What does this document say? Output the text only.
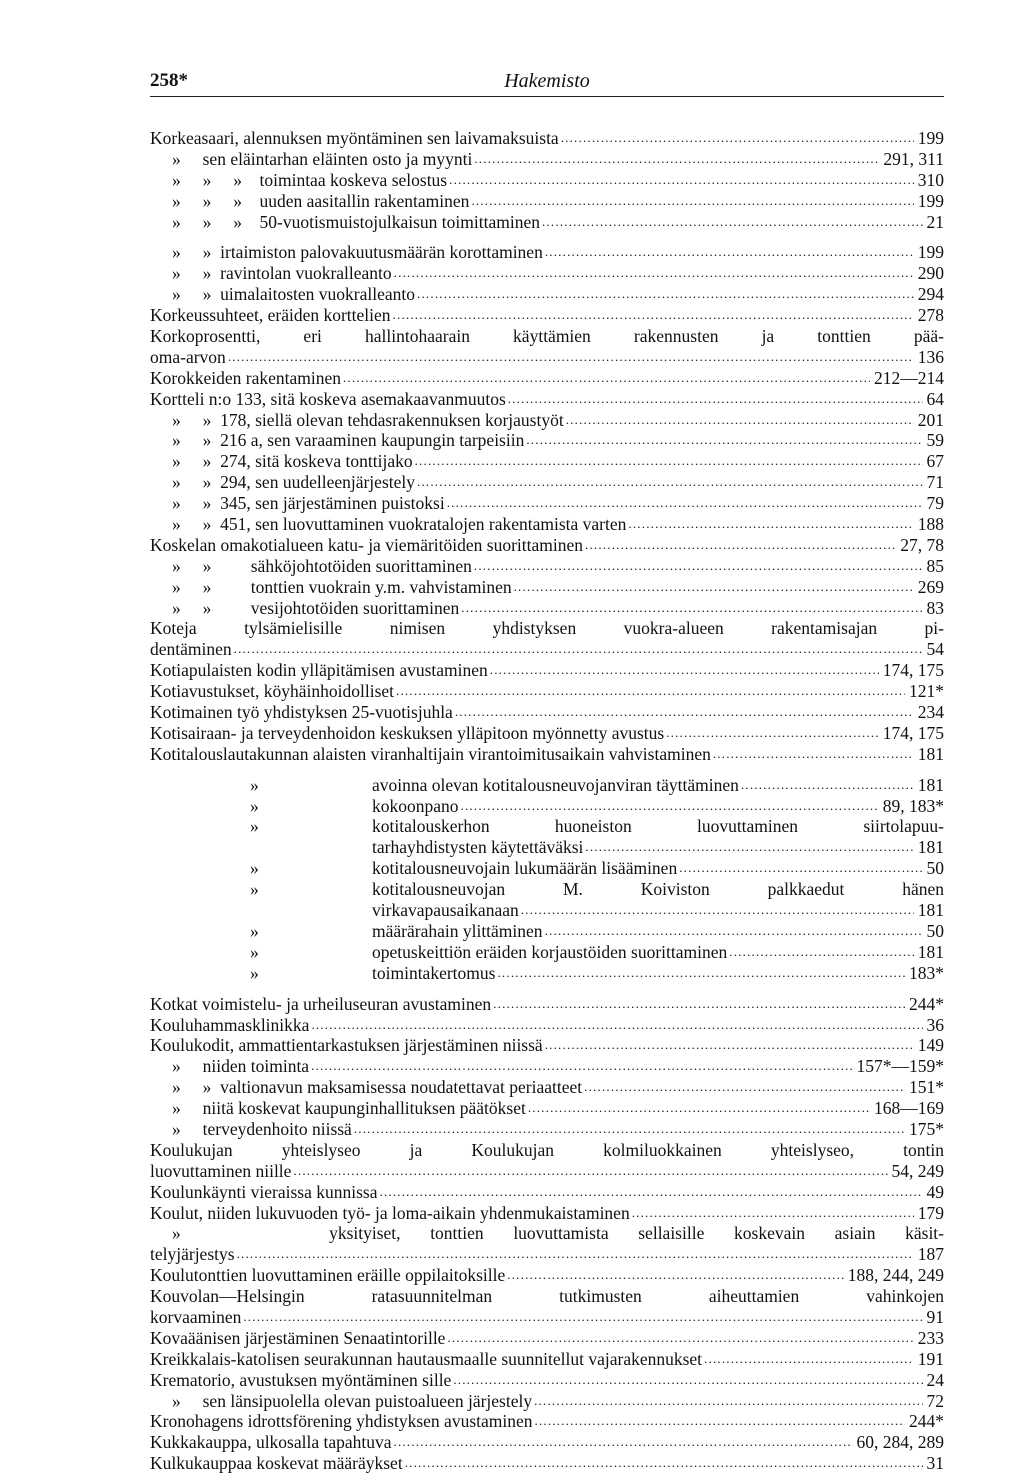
258*	Hakemisto
Korkeasaari, alennuksen myöntäminen sen laivamaksuista .....	199
»     sen eläintarhan eläinten osto ja myynti .....	291, 311
»     »     »    toimintaa koskeva selostus .....	310
»     »     »    uuden aasitallin rakentaminen .....	199
»     »     »    50-vuotismuistojulkaisun toimittaminen .....	21
»     »  irtaimiston palovakuutusmäärän korottaminen .....	199
»     »  ravintolan vuokralleanto .....	290
»     »  uimalaitosten vuokralleanto .....	294
Korkeussuhteet, eräiden korttelien .....	278
Korkoprosentti, eri hallintohaarain käyttämien rakennusten ja tonttien pää-
oma-arvon .....	136
Korokkeiden rakentaminen .....	212—214
Kortteli n:o 133, sitä koskeva asemakaavanmuutos .....	64
»     »  178, siellä olevan tehdasrakennuksen korjaustyöt .....	201
»     »  216 a, sen varaaminen kaupungin tarpeisiin .....	59
»     »  274, sitä koskeva tonttijako .....	67
»     »  294, sen uudelleenjärjestely .....	71
»     »  345, sen järjestäminen puistoksi .....	79
»     »  451, sen luovuttaminen vuokratalojen rakentamista varten .....	188
Koskelan omakotialueen katu- ja viemäritöiden suorittaminen .....	27, 78
»     »         sähköjohtotöiden suorittaminen .....	85
»     »         tonttien vuokrain y.m. vahvistaminen .....	269
»     »         vesijohtotöiden suorittaminen .....	83
Koteja tylsämielisille nimisen yhdistyksen vuokra-alueen rakentamisajan pi-
dentäminen .....	54
Kotiapulaisten kodin ylläpitämisen avustaminen .....	174, 175
Kotiavustukset, köyhäinhoidolliset .....	121*
Kotimainen työ yhdistyksen 25-vuotisjuhla .....	234
Kotisairaan- ja terveydenhoidon keskuksen ylläpitoon myönnetty avustus .....	174, 175
Kotitalouslautakunnan alaisten viranhaltijain virantoimitusaikain vahvistaminen .....	181
»	avoinna olevan kotitalousneuvojanviran täyttäminen .....	181
»	kokoonpano .....	89, 183*
»	kotitalouskerhon huoneiston luovuttaminen siirtolapuu-
tarhayhdistysten käytettäväksi .....	181
»	kotitalousneuvojain lukumäärän lisääminen .....	50
»	kotitalousneuvojan M. Koiviston palkkaedut hänen
virkavapausaikanaan .....	181
»	määrärahain ylittäminen .....	50
»	opetuskeittiön eräiden korjaustöiden suorittaminen .....	181
»	toimintakertomus .....	183*
Kotkat voimistelu- ja urheiluseuran avustaminen .....	244*
Kouluhammasklinikka .....	36
Koulukodit, ammattientarkastuksen järjestäminen niissä .....	149
»     niiden toiminta .....	157*—159*
»     »  valtionavun maksamisessa noudatettavat periaatteet .....	151*
»     niitä koskevat kaupunginhallituksen päätökset .....	168—169
»     terveydenhoito niissä .....	175*
Koulukujan yhteislyseo ja Koulukujan kolmiluokkainen yhteislyseo, tontin
luovuttaminen niille .....	54, 249
Koulunkäynti vieraissa kunnissa .....	49
Koulut, niiden lukuvuoden työ- ja loma-aikain yhdenmukaistaminen .....	179
»     yksityiset, tonttien luovuttamista sellaisille koskevain asiain käsit-
telyjärjestys .....	187
Koulutonttien luovuttaminen eräille oppilaitoksille .....	188, 244, 249
Kouvolan—Helsingin ratasuunnitelman tutkimusten aiheuttamien vahinkojen
korvaaminen .....	91
Kovaäänisen järjestäminen Senaatintorille .....	233
Kreikkalais-katolisen seurakunnan hautausmaalle suunnitellut vajarakennukset .....	191
Krematorio, avustuksen myöntäminen sille .....	24
»     sen länsipuolella olevan puistoalueen järjestely .....	72
Kronohagens idrottsförening yhdistyksen avustaminen .....	244*
Kukkakauppa, ulkosalla tapahtuva .....	60, 284, 289
Kulkukauppaa koskevat määräykset .....	31
